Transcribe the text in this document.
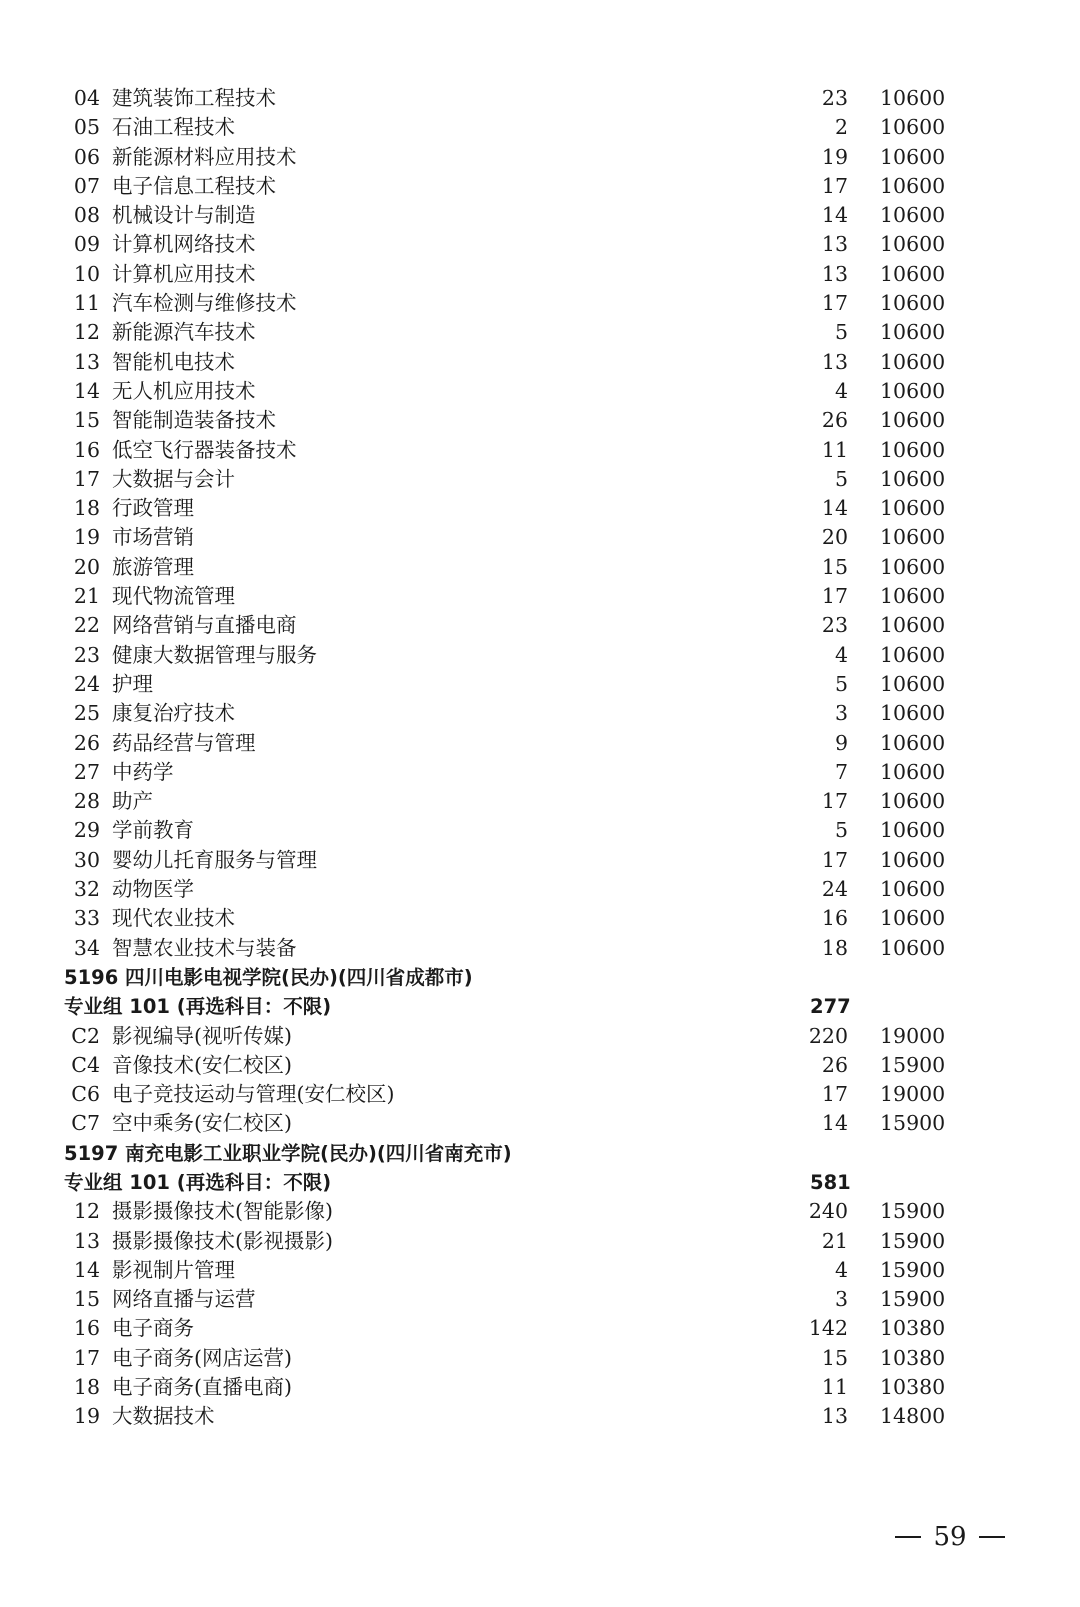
04 建筑装饰工程技术	23 10600
05 石油工程技术	2 10600
06 新能源材料应用技术	19 10600
07 电子信息工程技术	17 10600
08 机械设计与制造	14 10600
09 计算机网络技术	13 10600
10 计算机应用技术	13 10600
11 汽车检测与维修技术	17 10600
12 新能源汽车技术	5 10600
13 智能机电技术	13 10600
14 无人机应用技术	4 10600
15 智能制造装备技术	26 10600
16 低空飞行器装备技术	11 10600
17 大数据与会计	5 10600
18 行政管理	14 10600
19 市场营销	20 10600
20 旅游管理	15 10600
21 现代物流管理	17 10600
22 网络营销与直播电商	23 10600
23 健康大数据管理与服务	4 10600
24 护理	5 10600
25 康复治疗技术	3 10600
26 药品经营与管理	9 10600
27 中药学	7 10600
28 助产	17 10600
29 学前教育	5 10600
30 婴幼儿托育服务与管理	17 10600
32 动物医学	24 10600
33 现代农业技术	16 10600
34 智慧农业技术与装备	18 10600
5196 四川电影电视学院(民办)(四川省成都市)
专业组 101 (再选科目：不限)	277
C2 影视编导(视听传媒)	220 19000
C4 音像技术(安仁校区)	26 15900
C6 电子竞技运动与管理(安仁校区)	17 19000
C7 空中乘务(安仁校区)	14 15900
5197 南充电影工业职业学院(民办)(四川省南充市)
专业组 101 (再选科目：不限)	581
12 摄影摄像技术(智能影像)	240 15900
13 摄影摄像技术(影视摄影)	21 15900
14 影视制片管理	4 15900
15 网络直播与运营	3 15900
16 电子商务	142 10380
17 电子商务(网店运营)	15 10380
18 电子商务(直播电商)	11 10380
19 大数据技术	13 14800
59
